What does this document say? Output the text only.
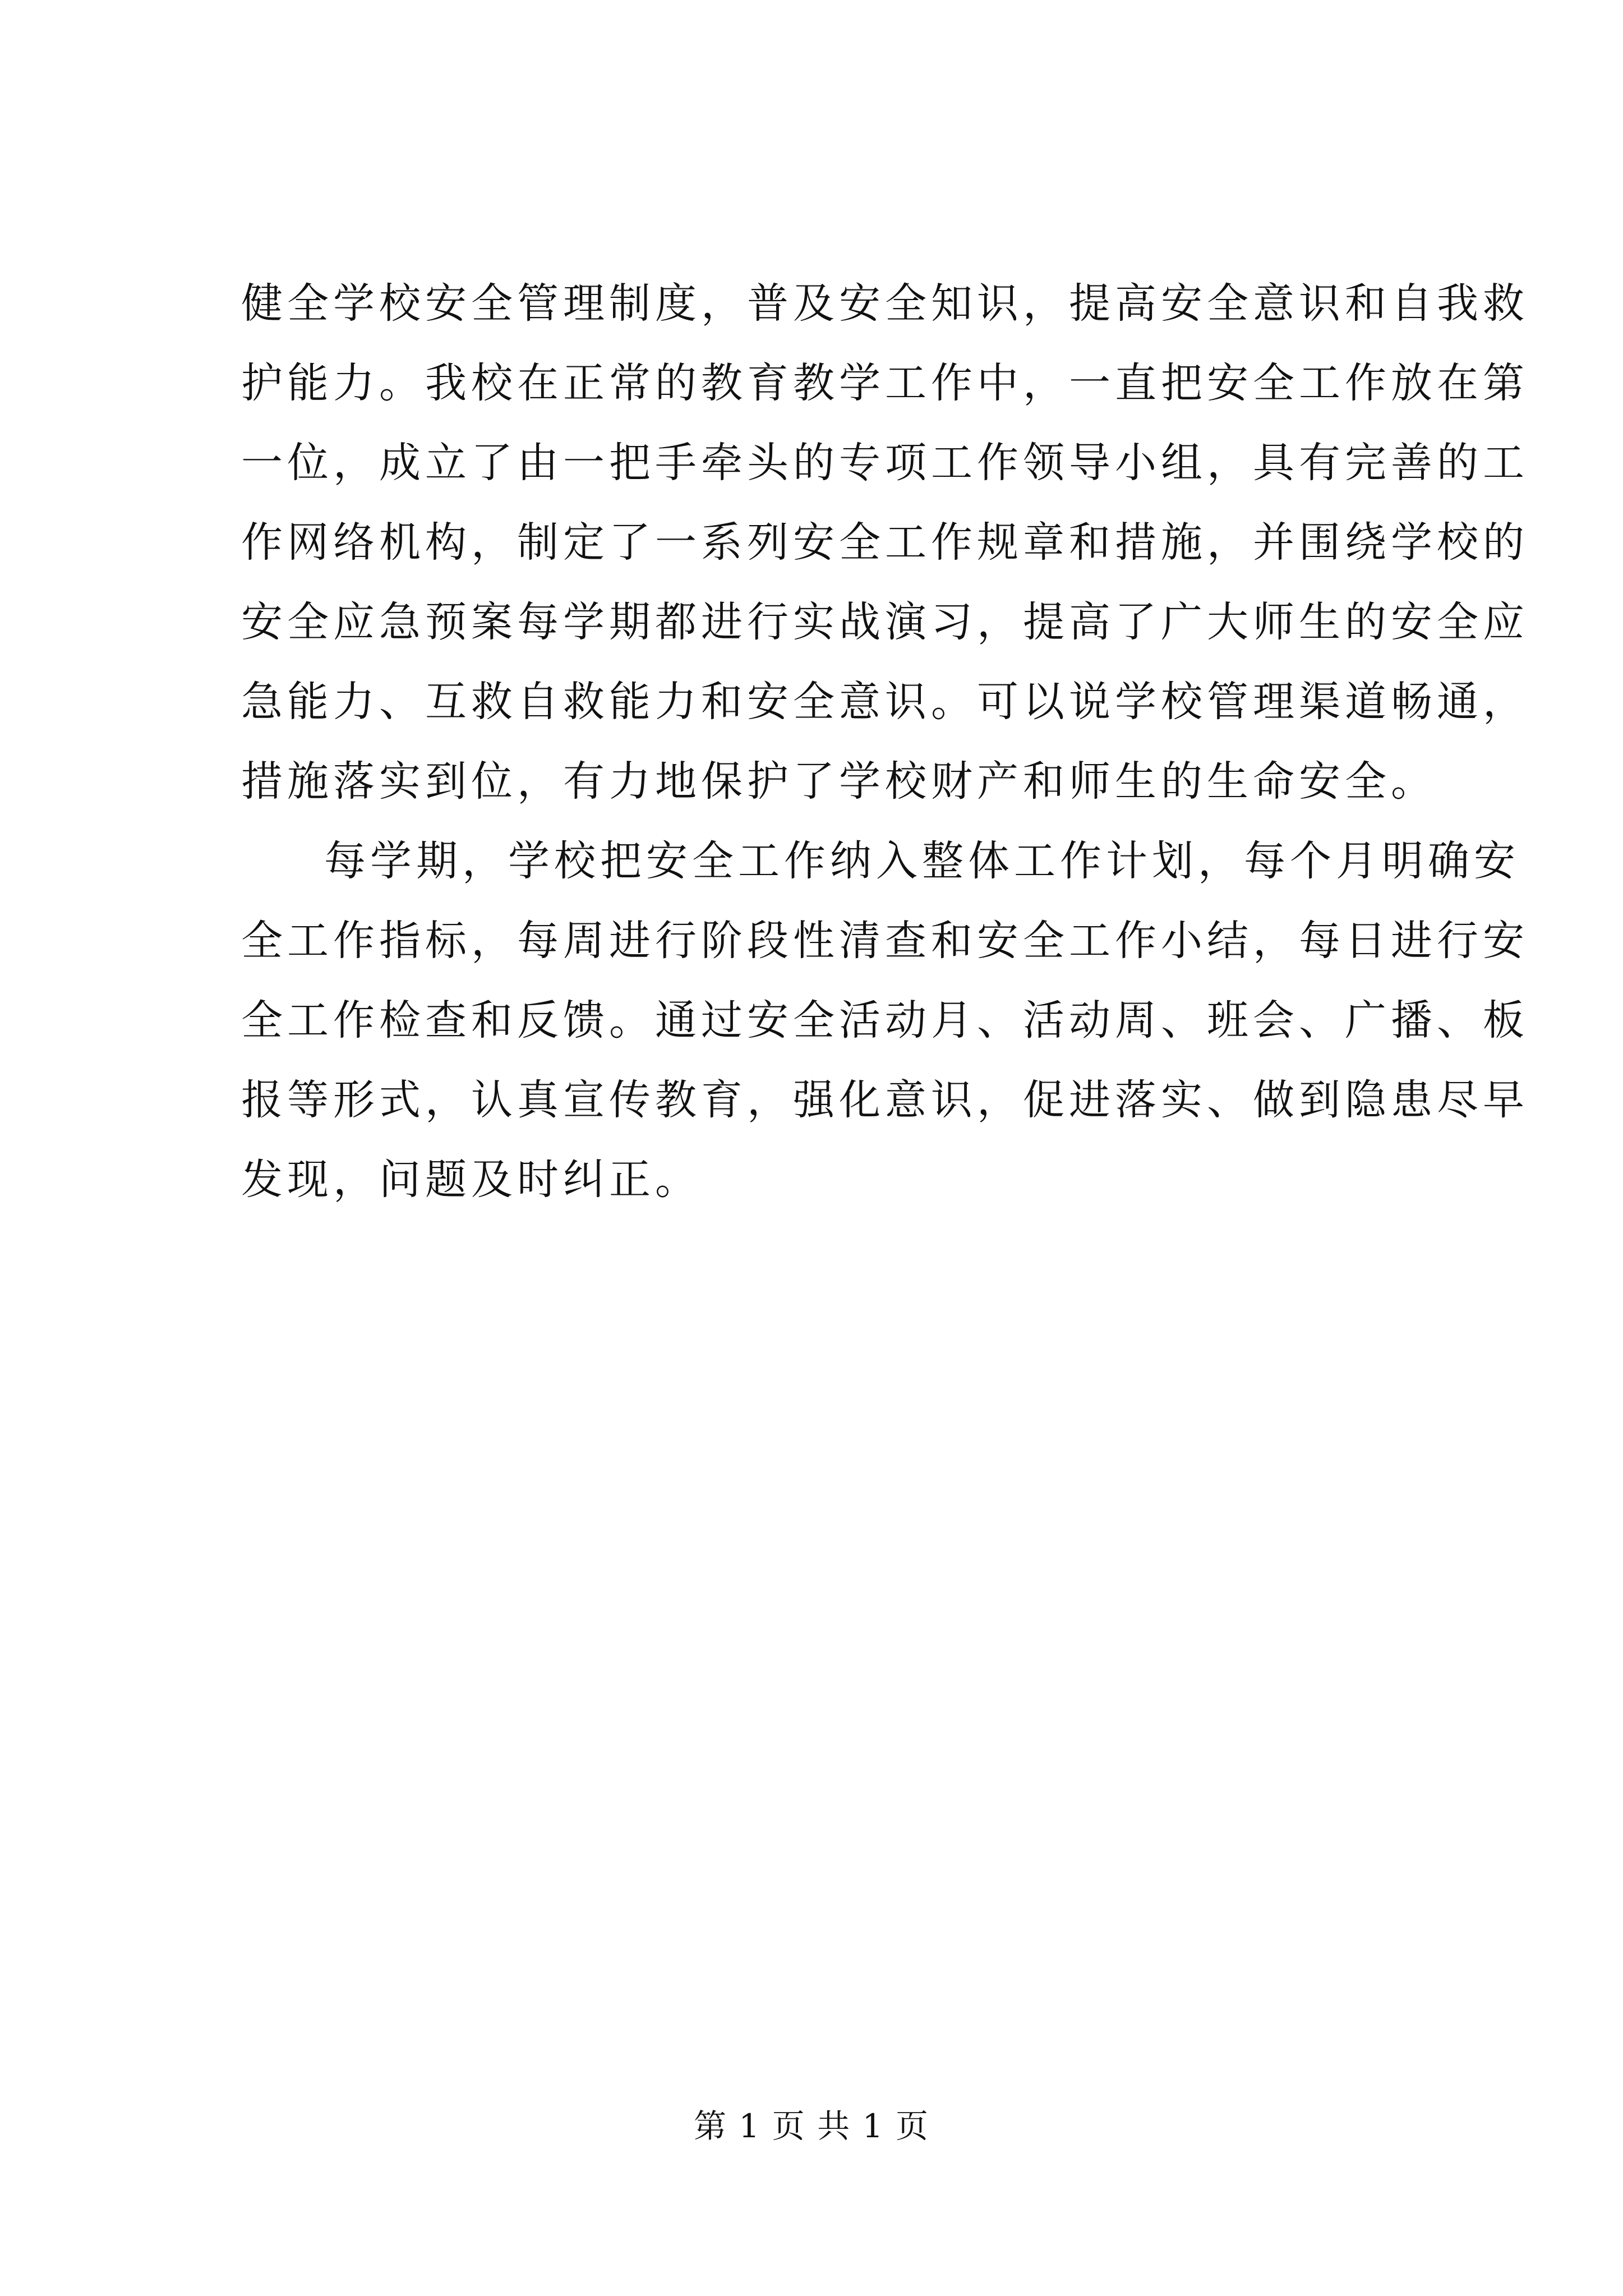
健全学校安全管理制度，普及安全知识，提高安全意识和自我救
护能力。我校在正常的教育教学工作中，一直把安全工作放在第
一位，成立了由一把手牵头的专项工作领导小组，具有完善的工
作网络机构，制定了一系列安全工作规章和措施，并围绕学校的
安全应急预案每学期都进行实战演习，提高了广大师生的安全应
急能力、互救自救能力和安全意识。可以说学校管理渠道畅通，
措施落实到位，有力地保护了学校财产和师生的生命安全。
每学期，学校把安全工作纳入整体工作计划，每个月明确安
全工作指标，每周进行阶段性清查和安全工作小结，每日进行安
全工作检查和反馈。通过安全活动月、活动周、班会、广播、板
报等形式，认真宣传教育，强化意识，促进落实、做到隐患尽早
发现，问题及时纠正。
第 1 页 共 1 页
